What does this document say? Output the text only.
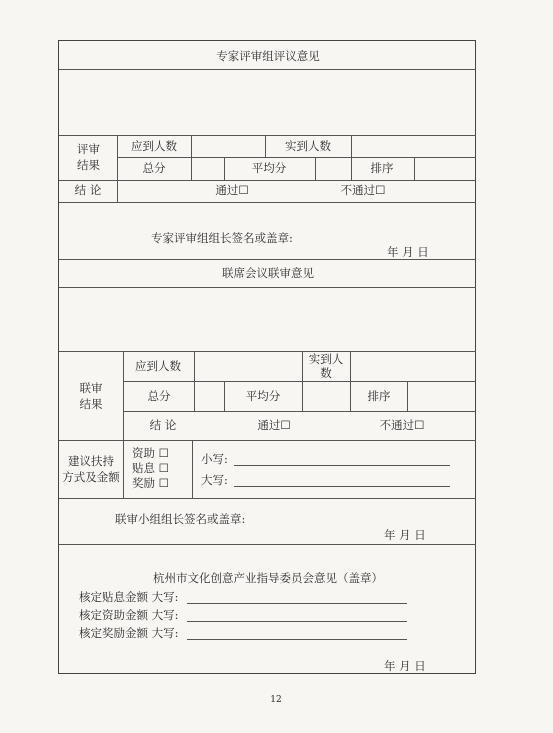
专家评审组评议意见
评审
结果
应到人数	实到人数
总分	平均分	排序
结 论	通过☐	不通过☐
专家评审组组长签名或盖章:
年 月 日
联席会议联审意见
联审
结果
应到人数	实到人
数
总分	平均分	排序
结 论	通过☐	不通过☐
建议扶持
方式及金额
资助 ☐
贴息 ☐
奖励 ☐
小写:
大写:
联审小组组长签名或盖章:
年 月 日
杭州市文化创意产业指导委员会意见（盖章）
核定贴息金额 大写:
核定资助金额 大写:
核定奖励金额 大写:
年 月 日
12
